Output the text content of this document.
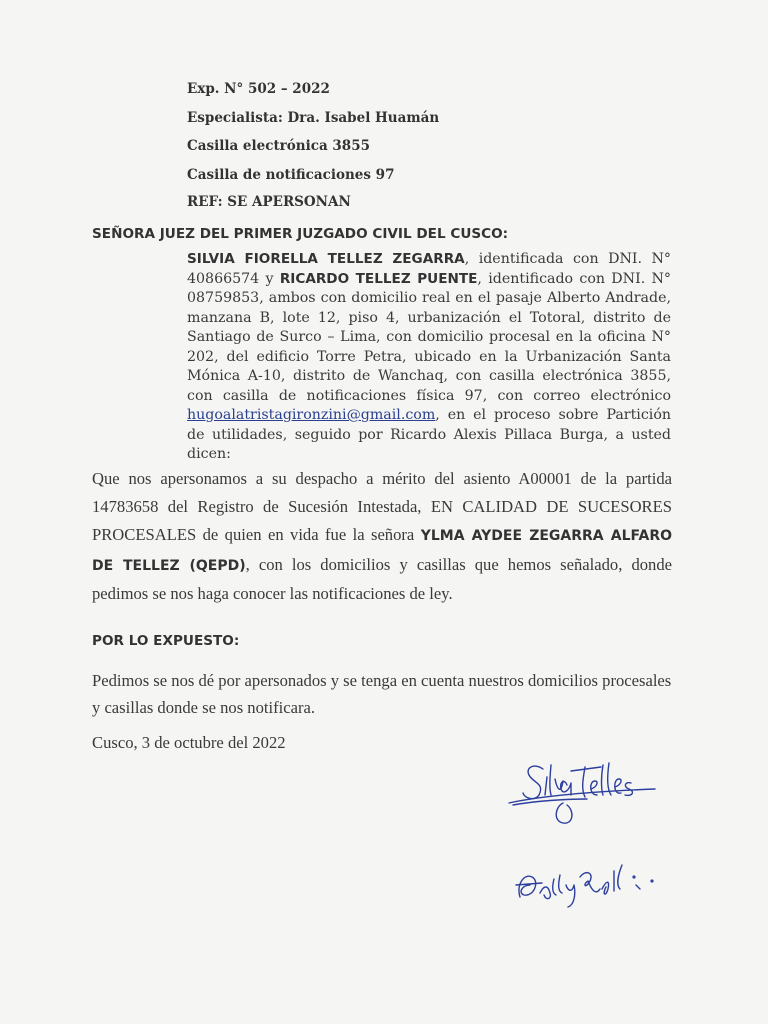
Exp. N° 502 – 2022
Especialista: Dra. Isabel Huamán
Casilla electrónica 3855
Casilla de notificaciones 97
REF: SE APERSONAN
SEÑORA JUEZ DEL PRIMER JUZGADO CIVIL DEL CUSCO:
SILVIA FIORELLA TELLEZ ZEGARRA, identificada con DNI. N° 40866574 y RICARDO TELLEZ PUENTE, identificado con DNI. N° 08759853, ambos con domicilio real en el pasaje Alberto Andrade, manzana B, lote 12, piso 4, urbanización el Totoral, distrito de Santiago de Surco – Lima, con domicilio procesal en la oficina N° 202, del edificio Torre Petra, ubicado en la Urbanización Santa Mónica A-10, distrito de Wanchaq, con casilla electrónica 3855, con casilla de notificaciones física 97, con correo electrónico hugoalatristagironzini@gmail.com, en el proceso sobre Partición de utilidades, seguido por Ricardo Alexis Pillaca Burga, a usted dicen:
Que nos apersonamos a su despacho a mérito del asiento A00001 de la partida 14783658 del Registro de Sucesión Intestada, EN CALIDAD DE SUCESORES PROCESALES de quien en vida fue la señora YLMA AYDEE ZEGARRA ALFARO DE TELLEZ (QEPD), con los domicilios y casillas que hemos señalado, donde pedimos se nos haga conocer las notificaciones de ley.
POR LO EXPUESTO:
Pedimos se nos dé por apersonados y se tenga en cuenta nuestros domicilios procesales y casillas donde se nos notificara.
Cusco, 3 de octubre del 2022
